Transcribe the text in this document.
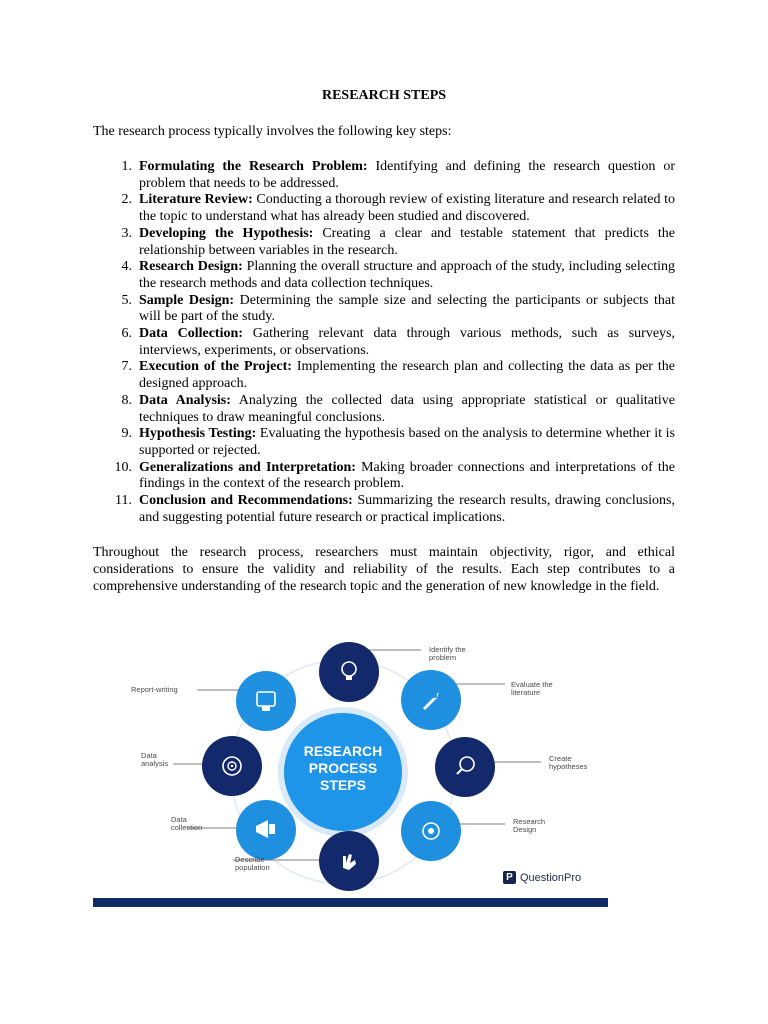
RESEARCH STEPS
The research process typically involves the following key steps:
1. Formulating the Research Problem: Identifying and defining the research question or problem that needs to be addressed.
2. Literature Review: Conducting a thorough review of existing literature and research related to the topic to understand what has already been studied and discovered.
3. Developing the Hypothesis: Creating a clear and testable statement that predicts the relationship between variables in the research.
4. Research Design: Planning the overall structure and approach of the study, including selecting the research methods and data collection techniques.
5. Sample Design: Determining the sample size and selecting the participants or subjects that will be part of the study.
6. Data Collection: Gathering relevant data through various methods, such as surveys, interviews, experiments, or observations.
7. Execution of the Project: Implementing the research plan and collecting the data as per the designed approach.
8. Data Analysis: Analyzing the collected data using appropriate statistical or qualitative techniques to draw meaningful conclusions.
9. Hypothesis Testing: Evaluating the hypothesis based on the analysis to determine whether it is supported or rejected.
10. Generalizations and Interpretation: Making broader connections and interpretations of the findings in the context of the research problem.
11. Conclusion and Recommendations: Summarizing the research results, drawing conclusions, and suggesting potential future research or practical implications.
Throughout the research process, researchers must maintain objectivity, rigor, and ethical considerations to ensure the validity and reliability of the results. Each step contributes to a comprehensive understanding of the research topic and the generation of new knowledge in the field.
RESEARCH
PROCESS
STEPS
Identify the
problem
Evaluate the
literature
Create
hypotheses
Research
Design
Describe
population
Data
collection
Data
analysis
Report-writing
P QuestionPro
